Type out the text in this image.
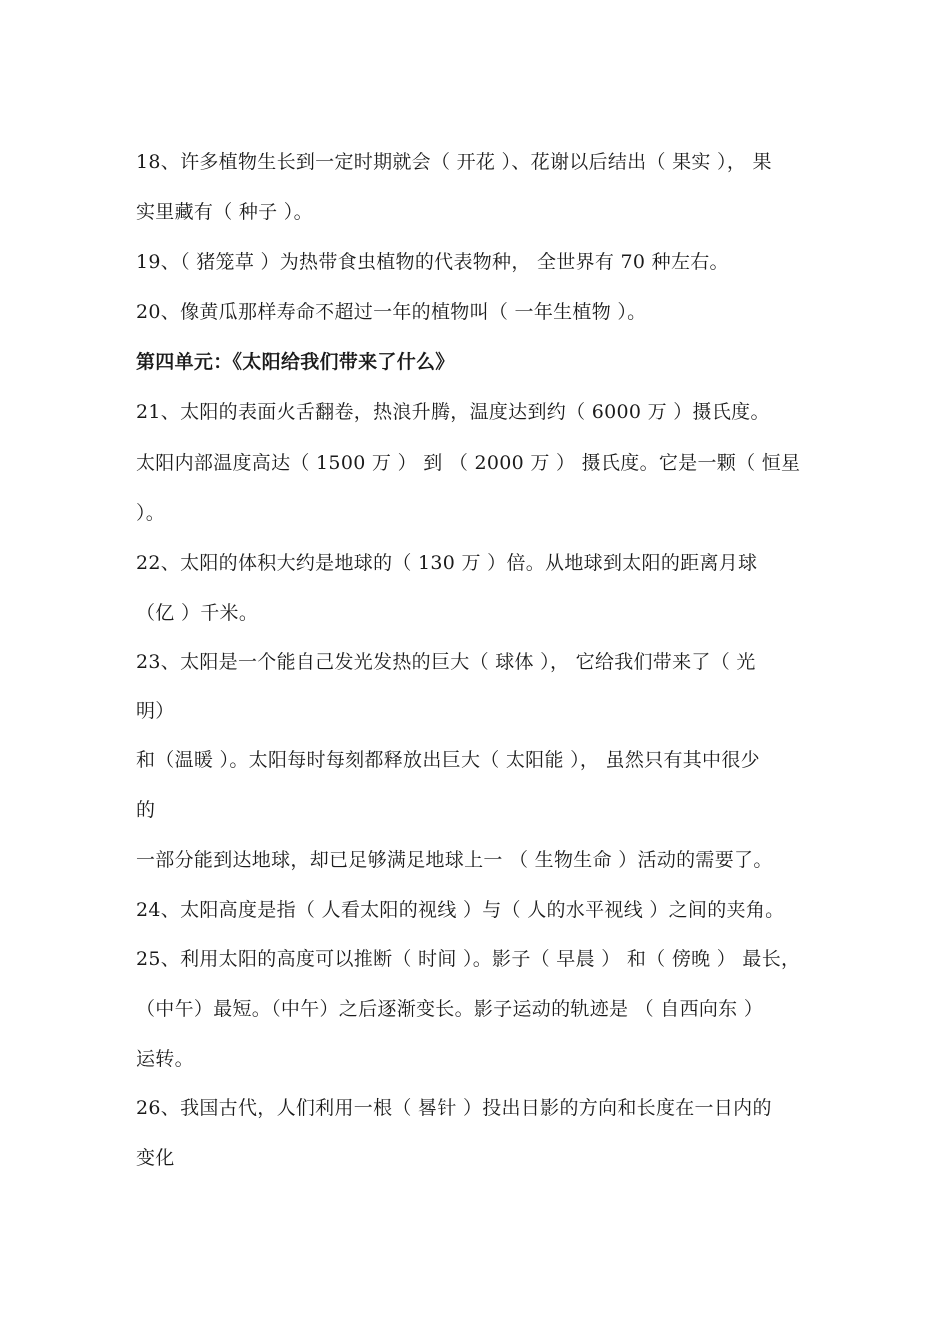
18、许多植物生长到一定时期就会（ 开花 ）、花谢以后结出（ 果实 ）， 果
实里藏有（ 种子 ）。
19、（ 猪笼草 ）为热带食虫植物的代表物种， 全世界有 70 种左右。
20、像黄瓜那样寿命不超过一年的植物叫（ 一年生植物 ）。
第四单元：《太阳给我们带来了什么》
21、太阳的表面火舌翻卷，热浪升腾，温度达到约（ 6000 万 ）摄氏度。
太阳内部温度高达（ 1500 万 ） 到 （ 2000 万 ） 摄氏度。它是一颗（ 恒星
）。
22、太阳的体积大约是地球的（ 130 万 ）倍。从地球到太阳的距离月球
（亿 ）千米。
23、太阳是一个能自己发光发热的巨大（ 球体 ）， 它给我们带来了（ 光
明）
和（温暖 ）。太阳每时每刻都释放出巨大（ 太阳能 ）， 虽然只有其中很少
的
一部分能到达地球，却已足够满足地球上一 （ 生物生命 ）活动的需要了。
24、太阳高度是指（ 人看太阳的视线 ）与（ 人的水平视线 ）之间的夹角。
25、利用太阳的高度可以推断（ 时间 ）。影子（ 早晨 ） 和（ 傍晚 ） 最长，
（中午）最短。（中午）之后逐渐变长。影子运动的轨迹是 （ 自西向东 ）
运转。
26、我国古代，人们利用一根（ 晷针 ）投出日影的方向和长度在一日内的
变化
